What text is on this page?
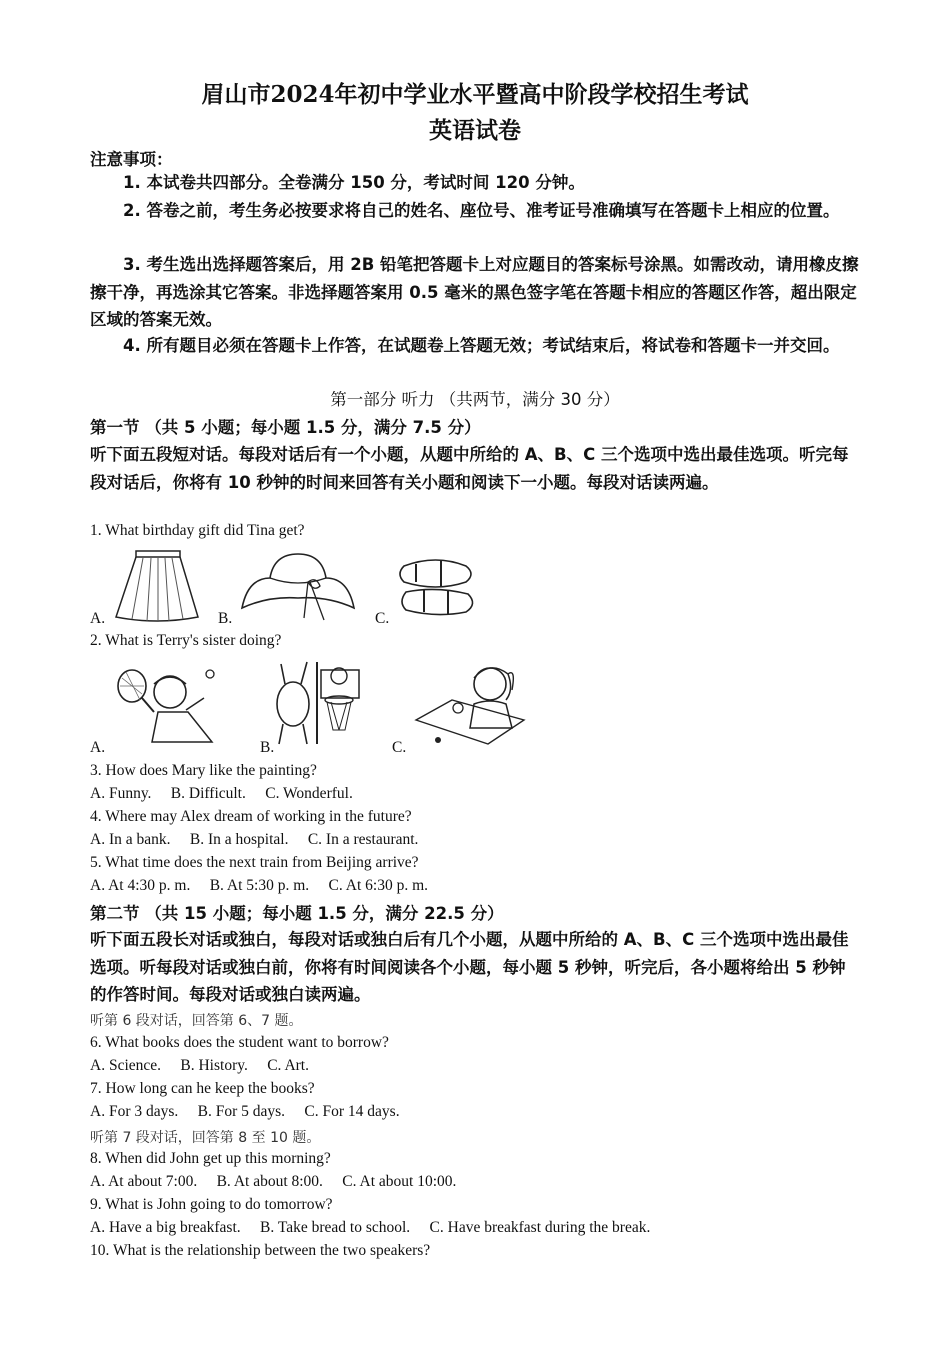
眉山市2024年初中学业水平暨高中阶段学校招生考试
英语试卷
注意事项：
1. 本试卷共四部分。全卷满分 150 分，考试时间 120 分钟。
2. 答卷之前，考生务必按要求将自己的姓名、座位号、准考证号准确填写在答题卡上相应的位置。
3. 考生选出选择题答案后，用 2B 铅笔把答题卡上对应题目的答案标号涂黑。如需改动，请用橡皮擦擦干净，再选涂其它答案。非选择题答案用 0.5 毫米的黑色签字笔在答题卡相应的答题区作答，超出限定区域的答案无效。
4. 所有题目必须在答题卡上作答，在试题卷上答题无效；考试结束后，将试卷和答题卡一并交回。
第一部分 听力 （共两节，满分 30 分）
第一节 （共 5 小题；每小题 1.5 分，满分 7.5 分）
听下面五段短对话。每段对话后有一个小题，从题中所给的 A、B、C 三个选项中选出最佳选项。听完每段对话后，你将有 10 秒钟的时间来回答有关小题和阅读下一小题。每段对话读两遍。
1. What birthday gift did Tina get?
A.	B.	C.
2. What is Terry's sister doing?
A.	B.	C.
3. How does Mary like the painting?
A. Funny.     B. Difficult.     C. Wonderful.
4. Where may Alex dream of working in the future?
A. In a bank.     B. In a hospital.     C. In a restaurant.
5. What time does the next train from Beijing arrive?
A. At 4:30 p. m.     B. At 5:30 p. m.     C. At 6:30 p. m.
第二节 （共 15 小题；每小题 1.5 分，满分 22.5 分）
听下面五段长对话或独白，每段对话或独白后有几个小题，从题中所给的 A、B、C 三个选项中选出最佳选项。听每段对话或独白前，你将有时间阅读各个小题，每小题 5 秒钟，听完后，各小题将给出 5 秒钟的作答时间。每段对话或独白读两遍。
听第 6 段对话，回答第 6、7 题。
6. What books does the student want to borrow?
A. Science.     B. History.     C. Art.
7. How long can he keep the books?
A. For 3 days.     B. For 5 days.     C. For 14 days.
听第 7 段对话，回答第 8 至 10 题。
8. When did John get up this morning?
A. At about 7:00.     B. At about 8:00.     C. At about 10:00.
9. What is John going to do tomorrow?
A. Have a big breakfast.     B. Take bread to school.     C. Have breakfast during the break.
10. What is the relationship between the two speakers?
